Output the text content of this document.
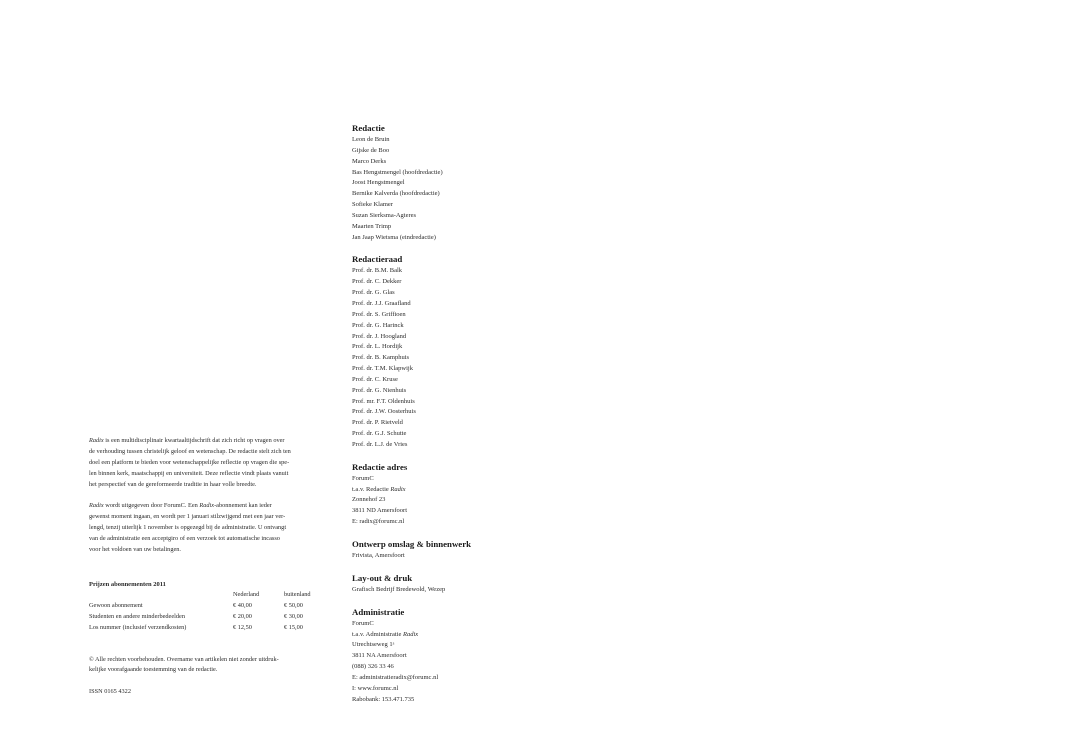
Radix is een multidisciplinair kwartaaltijdschrift dat zich richt op vragen over
de verhouding tussen christelijk geloof en wetenschap. De redactie stelt zich ten
doel een platform te bieden voor wetenschappelijke reflectie op vragen die spe-
len binnen kerk, maatschappij en universiteit. Deze reflectie vindt plaats vanuit
het perspectief van de gereformeerde traditie in haar volle breedte.
Radix wordt uitgegeven door ForumC. Een Radix-abonnement kan ieder
gewenst moment ingaan, en wordt per 1 januari stilzwijgend met een jaar ver-
lengd, tenzij uiterlijk 1 november is opgezegd bij de administratie. U ontvangt
van de administratie een acceptgiro of een verzoek tot automatische incasso
voor het voldoen van uw betalingen.
Prijzen abonnementen 2011
	Nederland	buitenland
Gewoon abonnement	€ 40,00	€ 50,00
Studenten en andere minderbedeelden	€ 20,00	€ 30,00
Los nummer (inclusief verzendkosten)	€ 12,50	€ 15,00
© Alle rechten voorbehouden. Overname van artikelen niet zonder uitdruk-
kelijke voorafgaande toestemming van de redactie.
ISSN 0165 4322
Redactie
Leon de Bruin
Gijske de Boo
Marco Derks
Bas Hengstmengel (hoofdredactie)
Joost Hengstmengel
Bernike Kalverda (hoofdredactie)
Sofieke Klamer
Suzan Sierksma-Agteres
Maarten Trimp
Jan Jaap Wietsma (eindredactie)
Redactieraad
Prof. dr. B.M. Balk
Prof. dr. C. Dekker
Prof. dr. G. Glas
Prof. dr. J.J. Graafland
Prof. dr. S. Griffioen
Prof. dr. G. Harinck
Prof. dr. J. Hoogland
Prof. dr. L. Hordijk
Prof. dr. B. Kamphuis
Prof. dr. T.M. Klapwijk
Prof. dr. C. Kruse
Prof. dr. G. Nienhuis
Prof. mr. F.T. Oldenhuis
Prof. dr. J.W. Oosterhuis
Prof. dr. P. Rietveld
Prof. dr. G.J. Schutte
Prof. dr. L.J. de Vries
Redactie adres
ForumC
t.a.v. Redactie Radix
Zonnehof 23
3811 ND Amersfoort
E: radix@forumc.nl
Ontwerp omslag & binnenwerk
Frivista, Amersfoort
Lay-out & druk
Grafisch Bedrijf Bredewold, Wezep
Administratie
ForumC
t.a.v. Administratie Radix
Utrechtseweg 1ᵃ
3811 NA Amersfoort
(088) 326 33 46
E: administratieradix@forumc.nl
I: www.forumc.nl
Rabobank: 153.471.735
